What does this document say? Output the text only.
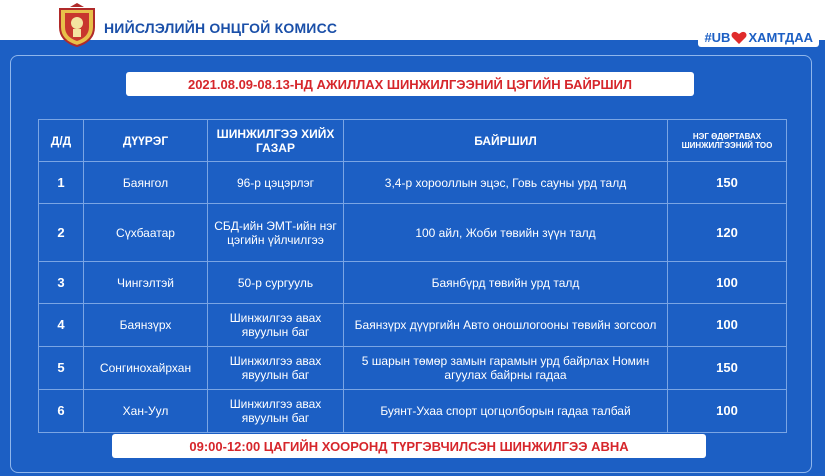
НИЙСЛЭЛИЙН ОНЦГОЙ КОМИСС
#UB ХАМТДАА
2021.08.09-08.13-НД АЖИЛЛАХ ШИНЖИЛГЭЭНИЙ ЦЭГИЙН БАЙРШИЛ
Д/Д	ДҮҮРЭГ	ШИНЖИЛГЭЭ ХИЙХ ГАЗАР	БАЙРШИЛ	НЭГ ӨДӨРТАВАХ ШИНЖИЛГЭЭНИЙ ТОО
1	Баянгол	96-р цэцэрлэг	3,4-р хорооллын эцэс, Говь сауны урд талд	150
2	Сүхбаатар	СБД-ийн ЭМТ-ийн нэг цэгийн үйлчилгээ	100 айл, Жоби төвийн зүүн талд	120
3	Чингэлтэй	50-р сургууль	Баянбүрд төвийн урд талд	100
4	Баянзүрх	Шинжилгээ авах явуулын баг	Баянзүрх дүүргийн Авто оношлогооны төвийн зогсоол	100
5	Сонгинохайрхан	Шинжилгээ авах явуулын баг	5 шарын төмөр замын гарамын урд байрлах Номин агуулах байрны гадаа	150
6	Хан-Уул	Шинжилгээ авах явуулын баг	Буянт-Ухаа спорт цогцолборын гадаа талбай	100
09:00-12:00 ЦАГИЙН ХООРОНД ТҮРГЭВЧИЛСЭН ШИНЖИЛГЭЭ АВНА
